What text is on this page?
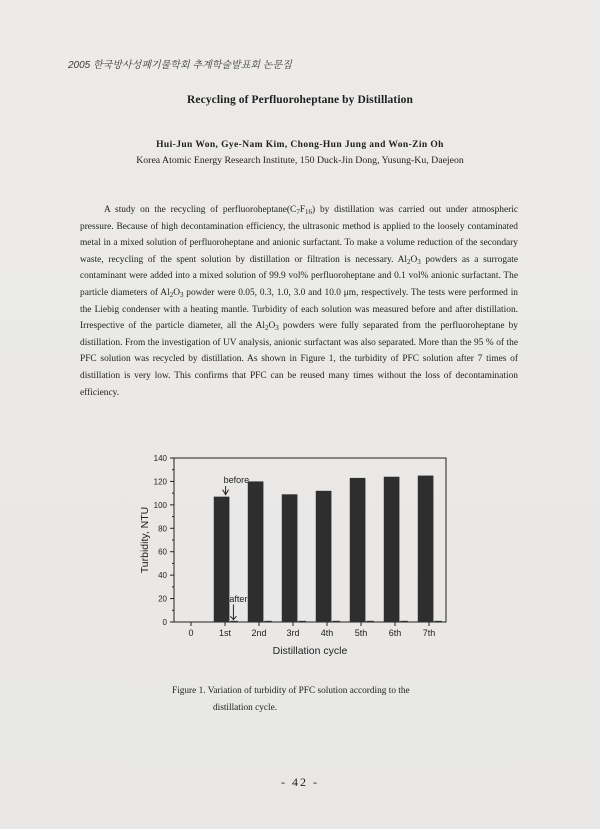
2005 한국방사성폐기물학회 추계학술발표회 논문집
Recycling of Perfluoroheptane by Distillation
Hui-Jun Won, Gye-Nam Kim, Chong-Hun Jung and Won-Zin Oh
Korea Atomic Energy Research Institute, 150 Duck-Jin Dong, Yusung-Ku, Daejeon

A study on the recycling of $perfluoroheptane(C_7F_{16})$ by distillation was carried out under atmospheric pressure. Because of high decontamination efficiency, the ultrasonic method is applied to the loosely contaminated metal in a mixed solution of perfluoroheptane and anionic surfactant. To make a volume reduction of the secondary waste, recycling of the spent solution by distillation or filtration is necessary. $Al_2O_3$ powders as a surrogate contaminant were added into a mixed solution of 99.9 vol% perfluoroheptane and 0.1 vol% anionic surfactant. The particle diameters of $Al_2O_3$ powder were 0.05, 0.3, 1.0, 3.0 and 10.0 μm, respectively. The tests were performed in the Liebig condenser with a heating mantle. Turbidity of each solution was measured before and after distillation. Irrespective of the particle diameter, all the $Al_2O_3$ powders were fully separated from the perfluoroheptane by distillation. From the investigation of UV analysis, anionic surfactant was also separated. More than the 95 % of the PFC solution was recycled by distillation. As shown in Figure 1, the turbidity of PFC solution after 7 times of distillation is very low. This confirms that PFC can be reused many times without the loss of decontamination efficiency.

0
20
40
60
80
100
120
140
0	1st 2nd 3rd 4th 5th 6th 7th
before
after
Distillation cycle
Turbidity, NTU
Figure 1. Variation of turbidity of PFC solution according to the
distillation cycle.
- 42 -
